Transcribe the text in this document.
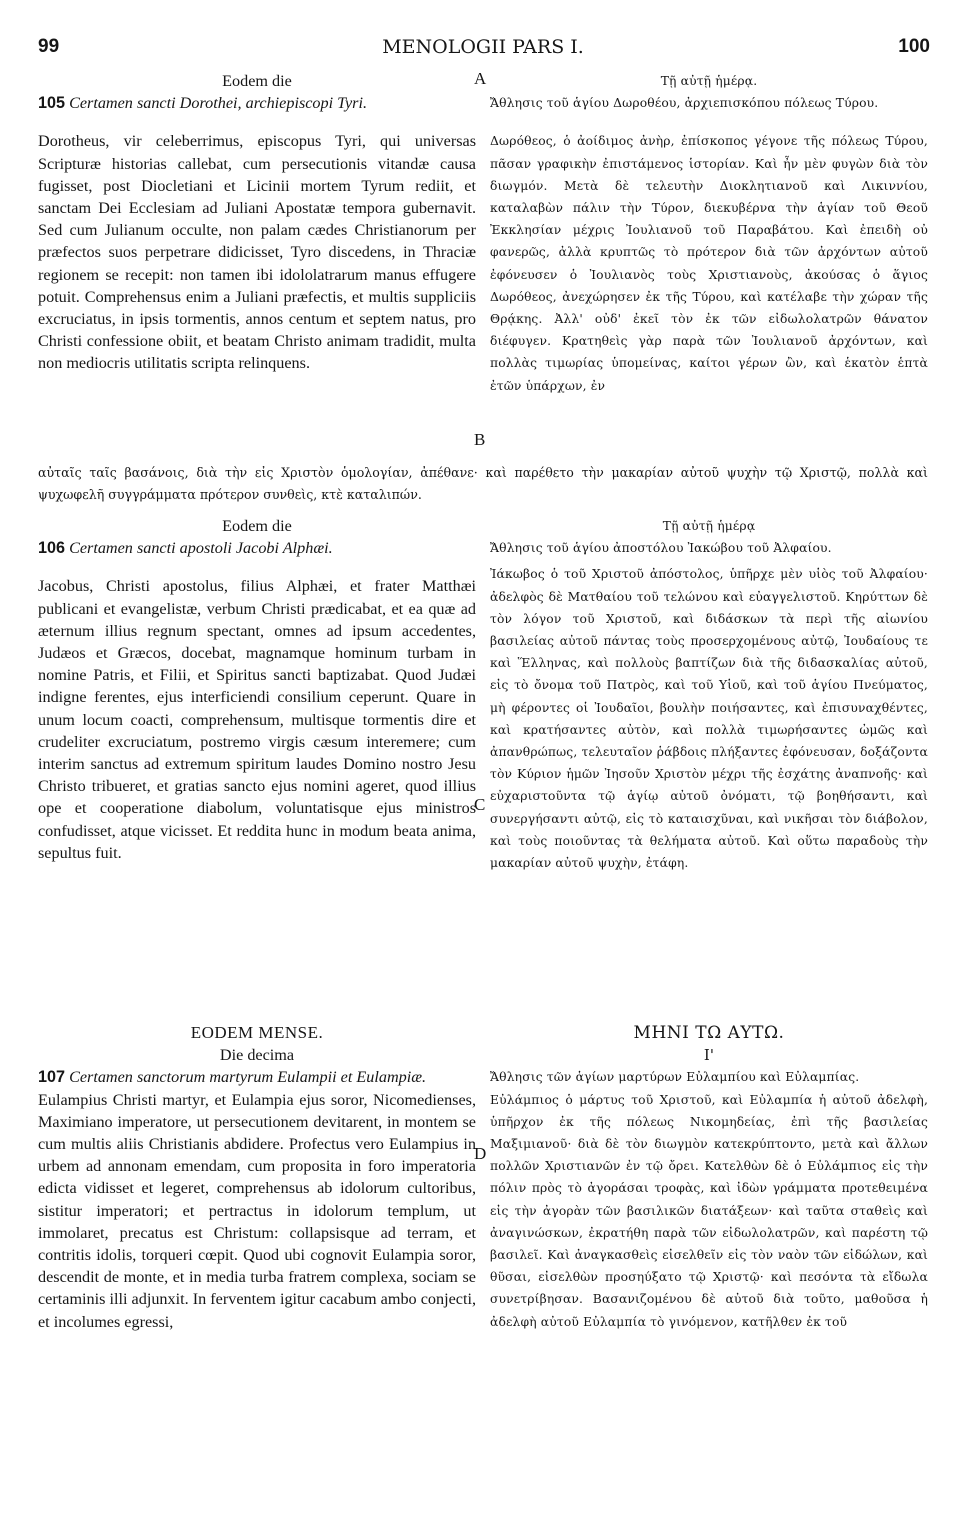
99	MENOLOGII PARS I.	100
A
B
C
D
Eodem die
105 Certamen sancti Dorothei, archiepiscopi Tyri.

Dorotheus, vir celeberrimus, episcopus Tyri, qui universas Scripturæ historias callebat, cum persecutionis vitandæ causa fugisset, post Diocletiani et Licinii mortem Tyrum rediit, et sanctam Dei Ecclesiam ad Juliani Apostatæ tempora gubernavit. Sed cum Julianum occulte, non palam cædes Christianorum per præfectos suos perpetrare didicisset, Tyro discedens, in Thraciæ regionem se recepit: non tamen ibi idololatrarum manus effugere potuit. Comprehensus enim a Juliani præfectis, et multis suppliciis excruciatus, in ipsis tormentis, annos centum et septem natus, pro Christi confessione obiit, et beatam Christo animam tradidit, multa non mediocris utilitatis scripta relinquens.

Τῇ αὐτῇ ἡμέρᾳ.
Ἄθλησις τοῦ ἁγίου Δωροθέου, ἀρχιεπισκόπου πόλεως Τύρου.

Δωρόθεος, ὁ ἀοίδιμος ἀνὴρ, ἐπίσκοπος γέγονε τῆς πόλεως Τύρου, πᾶσαν γραφικὴν ἐπιστάμενος ἱστορίαν. Καὶ ἦν μὲν φυγὼν διὰ τὸν διωγμόν. Μετὰ δὲ τελευτὴν Διοκλητιανοῦ καὶ Λικιννίου, καταλαβὼν πάλιν τὴν Τύρον, διεκυβέρνα τὴν ἁγίαν τοῦ Θεοῦ Ἐκκλησίαν μέχρις Ἰουλιανοῦ τοῦ Παραβάτου. Καὶ ἐπειδὴ οὐ φανερῶς, ἀλλὰ κρυπτῶς τὸ πρότερον διὰ τῶν ἀρχόντων αὐτοῦ ἐφόνευσεν ὁ Ἰουλιανὸς τοὺς Χριστιανοὺς, ἀκούσας ὁ ἅγιος Δωρόθεος, ἀνεχώρησεν ἐκ τῆς Τύρου, καὶ κατέλαβε τὴν χώραν τῆς Θρᾴκης. Ἀλλ' οὐδ' ἐκεῖ τὸν ἐκ τῶν εἰδωλολατρῶν θάνατον διέφυγεν. Κρατηθεὶς γὰρ παρὰ τῶν Ἰουλιανοῦ ἀρχόντων, καὶ πολλὰς τιμωρίας ὑπομείνας, καίτοι γέρων ὢν, καὶ ἑκατὸν ἑπτὰ ἐτῶν ὑπάρχων, ἐν

αὐταῖς ταῖς βασάνοις, διὰ τὴν εἰς Χριστὸν ὁμολογίαν, ἀπέθανε· καὶ παρέθετο τὴν μακαρίαν αὐτοῦ ψυχὴν τῷ Χριστῷ, πολλὰ καὶ ψυχωφελῆ συγγράμματα πρότερον συνθεὶς, κτὲ καταλιπών.
Eodem die
106 Certamen sancti apostoli Jacobi Alphæi.

Jacobus, Christi apostolus, filius Alphæi, et frater Matthæi publicani et evangelistæ, verbum Christi prædicabat, et ea quæ ad æternum illius regnum spectant, omnes ad ipsum accedentes, Judæos et Græcos, docebat, magnamque hominum turbam in nomine Patris, et Filii, et Spiritus sancti baptizabat. Quod Judæi indigne ferentes, ejus interficiendi consilium ceperunt. Quare in unum locum coacti, comprehensum, multisque tormentis dire et crudeliter excruciatum, postremo virgis cæsum interemere; cum interim sanctus ad extremum spiritum laudes Domino nostro Jesu Christo tribueret, et gratias sancto ejus nomini ageret, quod illius ope et cooperatione diabolum, voluntatisque ejus ministros confudisset, atque vicisset. Et reddita hunc in modum beata anima, sepultus fuit.

Τῇ αὐτῇ ἡμέρᾳ
Ἄθλησις τοῦ ἁγίου ἀποστόλου Ἰακώβου τοῦ Ἀλφαίου.

Ἰάκωβος ὁ τοῦ Χριστοῦ ἀπόστολος, ὑπῆρχε μὲν υἱὸς τοῦ Ἀλφαίου· ἀδελφὸς δὲ Ματθαίου τοῦ τελώνου καὶ εὐαγγελιστοῦ. Κηρύττων δὲ τὸν λόγον τοῦ Χριστοῦ, καὶ διδάσκων τὰ περὶ τῆς αἰωνίου βασιλείας αὐτοῦ πάντας τοὺς προσερχομένους αὐτῷ, Ἰουδαίους τε καὶ Ἕλληνας, καὶ πολλοὺς βαπτίζων διὰ τῆς διδασκαλίας αὐτοῦ, εἰς τὸ ὄνομα τοῦ Πατρὸς, καὶ τοῦ Υἱοῦ, καὶ τοῦ ἁγίου Πνεύματος, μὴ φέροντες οἱ Ἰουδαῖοι, βουλὴν ποιήσαντες, καὶ ἐπισυναχθέντες, καὶ κρατήσαντες αὐτὸν, καὶ πολλὰ τιμωρήσαντες ὠμῶς καὶ ἀπανθρώπως, τελευταῖον ῥάβδοις πλήξαντες ἐφόνευσαν, δοξάζοντα τὸν Κύριον ἡμῶν Ἰησοῦν Χριστὸν μέχρι τῆς ἐσχάτης ἀναπνοῆς· καὶ εὐχαριστοῦντα τῷ ἁγίῳ αὐτοῦ ὀνόματι, τῷ βοηθήσαντι, καὶ συνεργήσαντι αὐτῷ, εἰς τὸ καταισχῦναι, καὶ νικῆσαι τὸν διάβολον, καὶ τοὺς ποιοῦντας τὰ θελήματα αὐτοῦ. Καὶ οὕτω παραδοὺς τὴν μακαρίαν αὐτοῦ ψυχὴν, ἐτάφη.

EODEM MENSE.
Die decima
107 Certamen sanctorum martyrum Eulampii et Eulampiæ.

Eulampius Christi martyr, et Eulampia ejus soror, Nicomedienses, Maximiano imperatore, ut persecutionem devitarent, in montem se cum multis aliis Christianis abdidere. Profectus vero Eulampius in urbem ad annonam emendam, cum proposita in foro imperatoria edicta vidisset et legeret, comprehensus ab idolorum cultoribus, sistitur imperatori; et pertractus in idolorum templum, ut immolaret, precatus est Christum: collapsisque ad terram, et contritis idolis, torqueri cœpit. Quod ubi cognovit Eulampia soror, descendit de monte, et in media turba fratrem complexa, sociam se certaminis illi adjunxit. In ferventem igitur cacabum ambo conjecti, et incolumes egressi,

ΜΗΝΙ ΤΩ ΑΥΤΩ.
Ι'
Ἄθλησις τῶν ἁγίων μαρτύρων Εὐλαμπίου καὶ Εὐλαμπίας.

Εὐλάμπιος ὁ μάρτυς τοῦ Χριστοῦ, καὶ Εὐλαμπία ἡ αὐτοῦ ἀδελφὴ, ὑπῆρχον ἐκ τῆς πόλεως Νικομηδείας, ἐπὶ τῆς βασιλείας Μαξιμιανοῦ· διὰ δὲ τὸν διωγμὸν κατεκρύπτοντο, μετὰ καὶ ἄλλων πολλῶν Χριστιανῶν ἐν τῷ ὄρει. Κατελθὼν δὲ ὁ Εὐλάμπιος εἰς τὴν πόλιν πρὸς τὸ ἀγοράσαι τροφὰς, καὶ ἰδὼν γράμματα προτεθειμένα εἰς τὴν ἀγορὰν τῶν βασιλικῶν διατάξεων· καὶ ταῦτα σταθεὶς καὶ ἀναγινώσκων, ἐκρατήθη παρὰ τῶν εἰδωλολατρῶν, καὶ παρέστη τῷ βασιλεῖ. Καὶ ἀναγκασθεὶς εἰσελθεῖν εἰς τὸν ναὸν τῶν εἰδώλων, καὶ θῦσαι, εἰσελθὼν προσηύξατο τῷ Χριστῷ· καὶ πεσόντα τὰ εἴδωλα συνετρίβησαν. Βασανιζομένου δὲ αὐτοῦ διὰ τοῦτο, μαθοῦσα ἡ ἀδελφὴ αὐτοῦ Εὐλαμπία τὸ γινόμενον, κατῆλθεν ἐκ τοῦ
